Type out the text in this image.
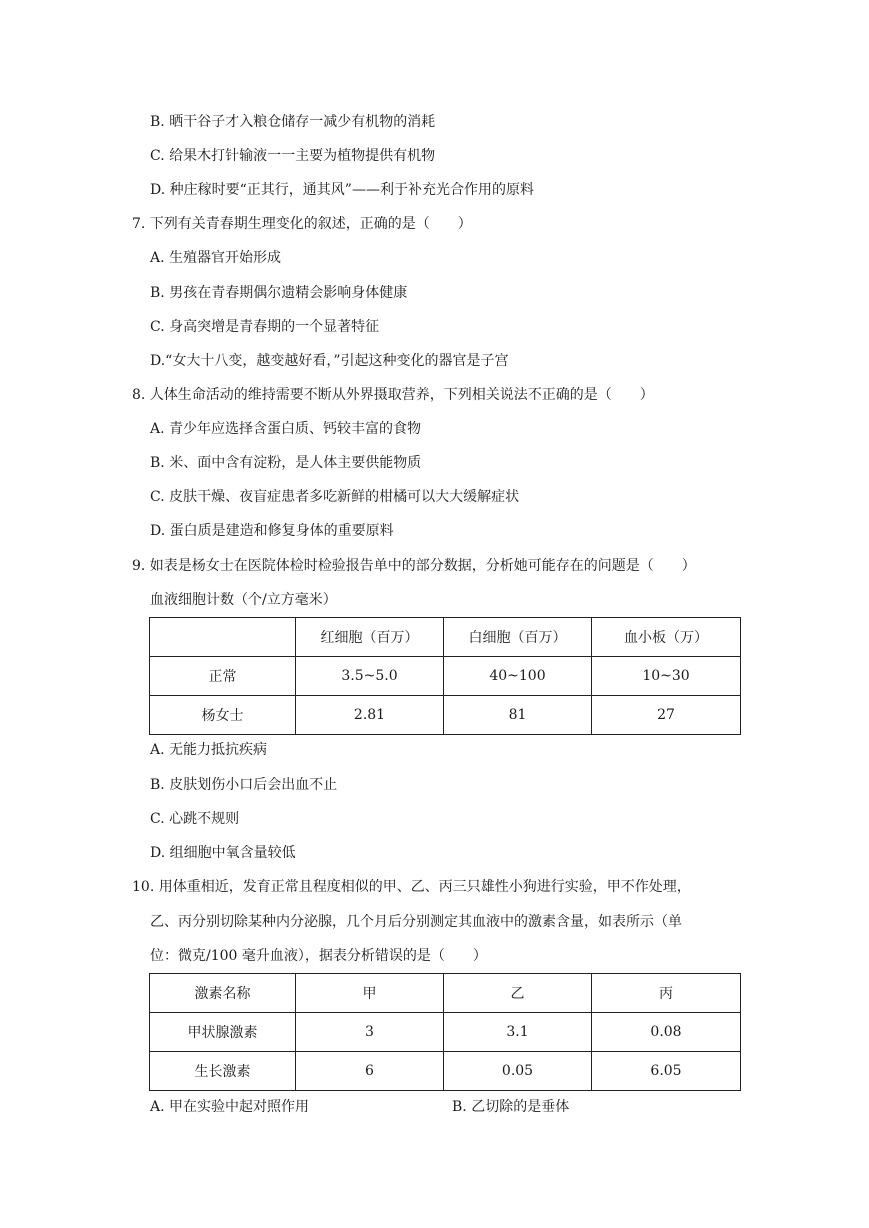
B. 晒干谷子才入粮仓储存一减少有机物的消耗
C. 给果木打针输液一一主要为植物提供有机物
D. 种庄稼时要“正其行，通其风”——利于补充光合作用的原料
7. 下列有关青春期生理变化的叙述，正确的是（　　）
A. 生殖器官开始形成
B. 男孩在青春期偶尔遗精会影响身体健康
C. 身高突增是青春期的一个显著特征
D.“女大十八变，越变越好看，”引起这种变化的器官是子宫
8. 人体生命活动的维持需要不断从外界摄取营养，下列相关说法不正确的是（　　）
A. 青少年应选择含蛋白质、钙较丰富的食物
B. 米、面中含有淀粉，是人体主要供能物质
C. 皮肤干燥、夜盲症患者多吃新鲜的柑橘可以大大缓解症状
D. 蛋白质是建造和修复身体的重要原料
9. 如表是杨女士在医院体检时检验报告单中的部分数据，分析她可能存在的问题是（　　）
血液细胞计数（个/立方毫米）
	红细胞（百万）	白细胞（百万）	血小板（万）
正常	3.5~5.0	40~100	10~30
杨女士	2.81	81	27
A. 无能力抵抗疾病
B. 皮肤划伤小口后会出血不止
C. 心跳不规则
D. 组细胞中氧含量较低
10. 用体重相近，发育正常且程度相似的甲、乙、丙三只雄性小狗进行实验，甲不作处理，
乙、丙分别切除某种内分泌腺，几个月后分别测定其血液中的激素含量，如表所示（单
位：微克/100 毫升血液），据表分析错误的是（　　）
激素名称	甲	乙	丙
甲状腺激素	3	3.1	0.08
生长激素	6	0.05	6.05
A. 甲在实验中起对照作用	B. 乙切除的是垂体
